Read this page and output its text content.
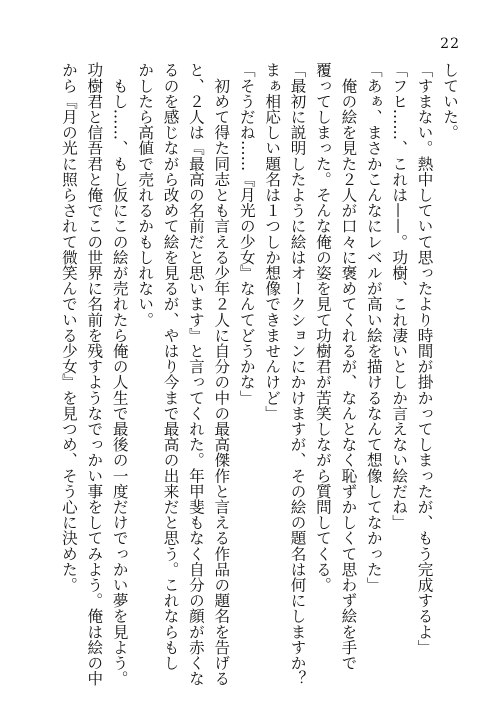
22
していた。
「すまない。熱中していて思ったより時間が掛かってしまったが、もう完成するよ」
「フヒ……、これは——。功樹、これ凄いとしか言えない絵だね」
「あぁ、まさかこんなにレベルが高い絵を描けるなんて想像してなかった」
　俺の絵を見た２人が口々に褒めてくれるが、なんとなく恥ずかしくて思わず絵を手で
覆ってしまった。そんな俺の姿を見て功樹君が苦笑しながら質問してくる。
「最初に説明したように絵はオークションにかけますが、その絵の題名は何にしますか？
まぁ相応しい題名は１つしか想像できませんけど」
「そうだね……『月光の少女』なんてどうかな」
　初めて得た同志とも言える少年２人に自分の中の最高傑作と言える作品の題名を告げる
と、２人は『最高の名前だと思います』と言ってくれた。年甲斐もなく自分の顔が赤くな
るのを感じながら改めて絵を見るが、やはり今まで最高の出来だと思う。これならもし
かしたら高値で売れるかもしれない。
　もし……、もし仮にこの絵が売れたら俺の人生で最後の一度だけでっかい夢を見よう。
功樹君と信吾君と俺でこの世界に名前を残すようなでっかい事をしてみよう。俺は絵の中
から『月の光に照らされて微笑んでいる少女』を見つめ、そう心に決めた。
